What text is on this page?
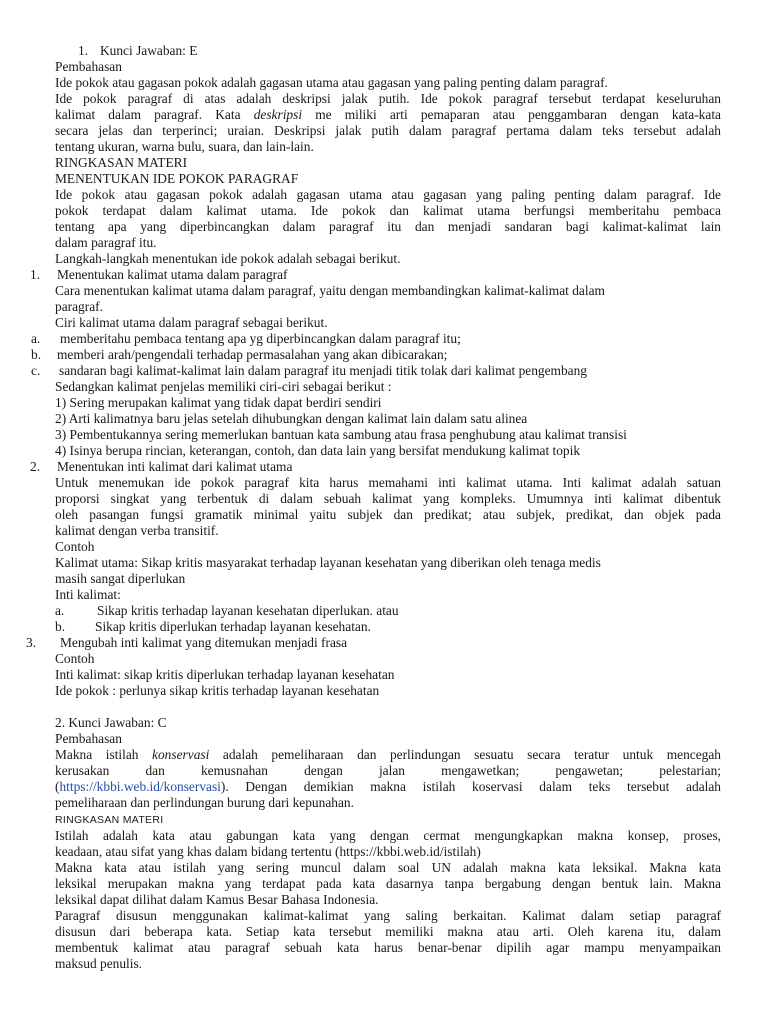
1. Kunci Jawaban: E

Pembahasan
Ide pokok atau gagasan pokok adalah gagasan utama atau gagasan yang paling penting dalam paragraf.
Ide pokok paragraf di atas adalah deskripsi jalak putih. Ide pokok paragraf tersebut terdapat keseluruhan
kalimat dalam paragraf. Kata deskripsi me miliki arti pemaparan atau penggambaran dengan kata-kata
secara jelas dan terperinci; uraian. Deskripsi jalak putih dalam paragraf pertama dalam teks tersebut adalah
tentang ukuran, warna bulu, suara, dan lain-lain.
RINGKASAN MATERI
MENENTUKAN IDE POKOK PARAGRAF
Ide pokok atau gagasan pokok adalah gagasan utama atau gagasan yang paling penting dalam paragraf. Ide
pokok terdapat dalam kalimat utama. Ide pokok dan kalimat utama berfungsi memberitahu pembaca
tentang apa yang diperbincangkan dalam paragraf itu dan menjadi sandaran bagi kalimat-kalimat lain
dalam paragraf itu.
Langkah-langkah menentukan ide pokok adalah sebagai berikut.
1. Menentukan kalimat utama dalam paragraf
Cara menentukan kalimat utama dalam paragraf, yaitu dengan membandingkan kalimat-kalimat dalam
paragraf.
Ciri kalimat utama dalam paragraf sebagai berikut.
a. memberitahu pembaca tentang apa yg diperbincangkan dalam paragraf itu;
b. memberi arah/pengendali terhadap permasalahan yang akan dibicarakan;
c. sandaran bagi kalimat-kalimat lain dalam paragraf itu menjadi titik tolak dari kalimat pengembang
Sedangkan kalimat penjelas memiliki ciri-ciri sebagai berikut :
1) Sering merupakan kalimat yang tidak dapat berdiri sendiri
2) Arti kalimatnya baru jelas setelah dihubungkan dengan kalimat lain dalam satu alinea
3) Pembentukannya sering memerlukan bantuan kata sambung atau frasa penghubung atau kalimat transisi
4) Isinya berupa rincian, keterangan, contoh, dan data lain yang bersifat mendukung kalimat topik
2. Menentukan inti kalimat dari kalimat utama
Untuk menemukan ide pokok paragraf kita harus memahami inti kalimat utama. Inti kalimat adalah satuan
proporsi singkat yang terbentuk di dalam sebuah kalimat yang kompleks. Umumnya inti kalimat dibentuk
oleh pasangan fungsi gramatik minimal yaitu subjek dan predikat; atau subjek, predikat, dan objek pada
kalimat dengan verba transitif.
Contoh
Kalimat utama: Sikap kritis masyarakat terhadap layanan kesehatan yang diberikan oleh tenaga medis
masih sangat diperlukan
Inti kalimat:
a. Sikap kritis terhadap layanan kesehatan diperlukan. atau
b. Sikap kritis diperlukan terhadap layanan kesehatan.
3. Mengubah inti kalimat yang ditemukan menjadi frasa
Contoh
Inti kalimat: sikap kritis diperlukan terhadap layanan kesehatan
Ide pokok : perlunya sikap kritis terhadap layanan kesehatan
2. Kunci Jawaban: C
Pembahasan
Makna istilah konservasi adalah pemeliharaan dan perlindungan sesuatu secara teratur untuk mencegah
kerusakan dan kemusnahan dengan jalan mengawetkan; pengawetan; pelestarian;
(https://kbbi.web.id/konservasi). Dengan demikian makna istilah koservasi dalam teks tersebut adalah
pemeliharaan dan perlindungan burung dari kepunahan.
RINGKASAN MATERI
Istilah adalah kata atau gabungan kata yang dengan cermat mengungkapkan makna konsep, proses,
keadaan, atau sifat yang khas dalam bidang tertentu (https://kbbi.web.id/istilah)
Makna kata atau istilah yang sering muncul dalam soal UN adalah makna kata leksikal. Makna kata
leksikal merupakan makna yang terdapat pada kata dasarnya tanpa bergabung dengan bentuk lain. Makna
leksikal dapat dilihat dalam Kamus Besar Bahasa Indonesia.
Paragraf disusun menggunakan kalimat-kalimat yang saling berkaitan. Kalimat dalam setiap paragraf
disusun dari beberapa kata. Setiap kata tersebut memiliki makna atau arti. Oleh karena itu, dalam
membentuk kalimat atau paragraf sebuah kata harus benar-benar dipilih agar mampu menyampaikan
maksud penulis.
